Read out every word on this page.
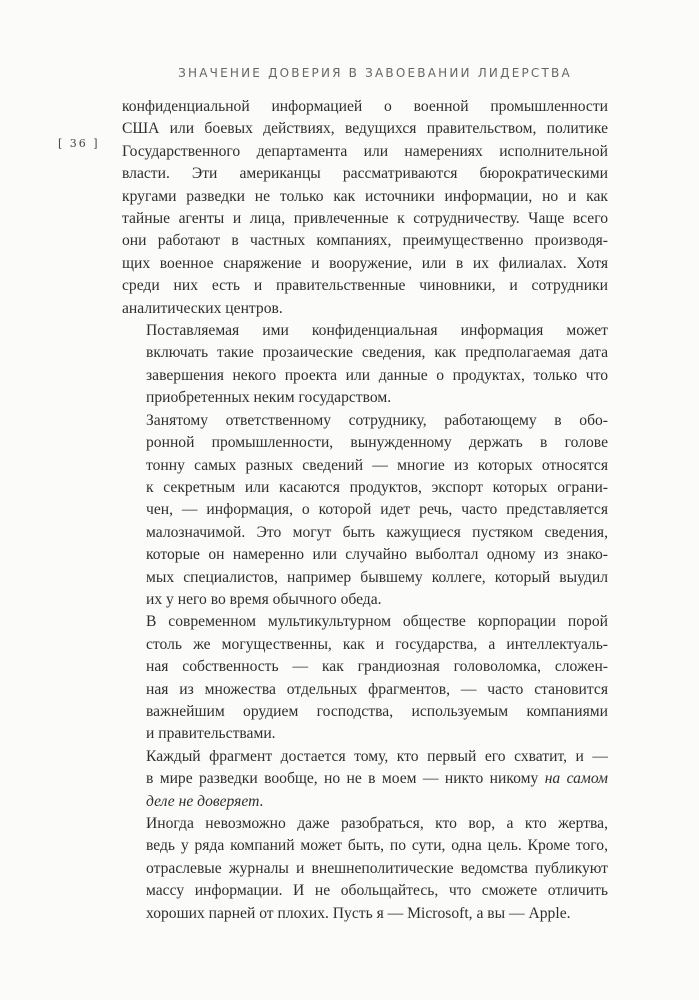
ЗНАЧЕНИЕ ДОВЕРИЯ В ЗАВОЕВАНИИ ЛИДЕРСТВА
[ 36 ]

конфиденциальной информацией о военной промышленности
США или боевых действиях, ведущихся правительством, политике
Государственного департамента или намерениях исполнительной
власти. Эти американцы рассматриваются бюрократическими
кругами разведки не только как источники информации, но и как
тайные агенты и лица, привлеченные к сотрудничеству. Чаще всего
они работают в частных компаниях, преимущественно производя-
щих военное снаряжение и вооружение, или в их филиалах. Хотя
среди них есть и правительственные чиновники, и сотрудники
аналитических центров.

Поставляемая ими конфиденциальная информация может
включать такие прозаические сведения, как предполагаемая дата
завершения некого проекта или данные о продуктах, только что
приобретенных неким государством.

Занятому ответственному сотруднику, работающему в обо-
ронной промышленности, вынужденному держать в голове
тонну самых разных сведений — многие из которых относятся
к секретным или касаются продуктов, экспорт которых ограни-
чен, — информация, о которой идет речь, часто представляется
малозначимой. Это могут быть кажущиеся пустяком сведения,
которые он намеренно или случайно выболтал одному из знако-
мых специалистов, например бывшему коллеге, который выудил
их у него во время обычного обеда.

В современном мультикультурном обществе корпорации порой
столь же могущественны, как и государства, а интеллектуаль-
ная собственность — как грандиозная головоломка, сложен-
ная из множества отдельных фрагментов, — часто становится
важнейшим орудием господства, используемым компаниями
и правительствами.

Каждый фрагмент достается тому, кто первый его схватит, и —
в мире разведки вообще, но не в моем — никто никому на самом
деле не доверяет.

Иногда невозможно даже разобраться, кто вор, а кто жертва,
ведь у ряда компаний может быть, по сути, одна цель. Кроме того,
отраслевые журналы и внешнеполитические ведомства публикуют
массу информации. И не обольщайтесь, что сможете отличить
хороших парней от плохих. Пусть я — Microsoft, а вы — Apple.
